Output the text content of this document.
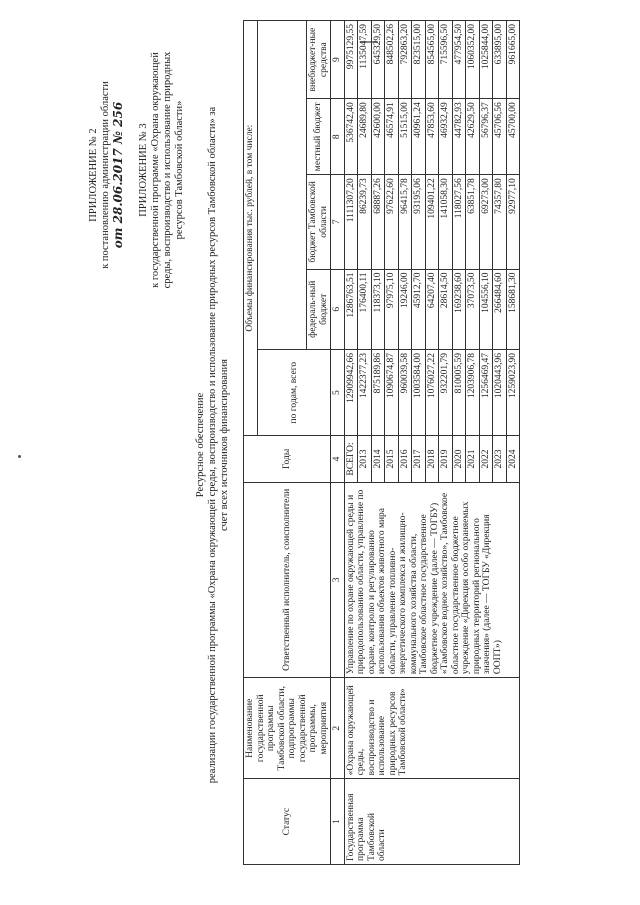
ПРИЛОЖЕНИЕ № 2 к постановлению администрации области от 28.06.2017 № 256 ПРИЛОЖЕНИЕ № 3 к государственной программе «Охрана окружающей среды, воспроизводство и использование природных ресурсов Тамбовской области»
Ресурсное обеспечение реализации государственной программы «Охрана окружающей среды, воспроизводство и использование природных ресурсов Тамбовской области» за счет всех источников финансирования
Статус	Наименование государственной программы Тамбовской области, подпрограммы государственной программы, мероприятия	Ответственный исполнитель, соисполнители	Годы	Объемы финансирования тыс. рублей, в том числе:				
				по годам, всего				
					федераль-ный бюджет	бюджет Тамбовской области	местный бюджет	внебюджет-ные средства
1	2	3	4	5	6	7	8	9
Государственная программа Тамбовской области	«Охрана окружающей среды, воспроизводство и использование природных ресурсов Тамбовской области»	Управление по охране окружающей среды и природопользованию области, управление по охране, контролю и регулированию использования объектов животного мира области, управление топливно-энергетического комплекса и жилищно-коммунального хозяйства области, Тамбовское областное государственное бюджетное учреждение (далее — ТОГБУ) «Тамбовское водное хозяйство», Тамбовское областное государственное бюджетное учреждение «Дирекция особо охраняемых природных территорий регионального значения» (далее — ТОГБУ «Дирекция ООПТ»)	ВСЕГО:	12909942,66	1286763,51	1111307,20	536742,40	9975129,55
			2013	1422377,23	176400,11	86239,73	24689,80	1135047,59
			2014	875189,86	118373,10	68887,26	42600,00	645329,50
			2015	1090674,87	97975,10	97622,60	46574,91	848502,26
			2016	960039,58	19246,00	96415,78	51515,00	792863,20
			2017	1003584,00	45912,70	93195,06	40961,24	823515,00
			2018	1076027,22	64207,40	109401,22	47853,60	854565,00
			2019	932201,79	28614,50	141058,30	46932,49	715596,50
			2020	810005,59	169238,60	118027,56	44782,93	477954,50
			2021	1203906,78	37073,50	63851,78	42629,50	1060352,00
			2022	1256469,47	104556,10	69273,00	56796,37	1025844,00
			2023	1020443,96	266484,60	74357,80	45706,56	633895,00
			2024	1259023,90	158681,30	92977,10	45700,00	961665,00
